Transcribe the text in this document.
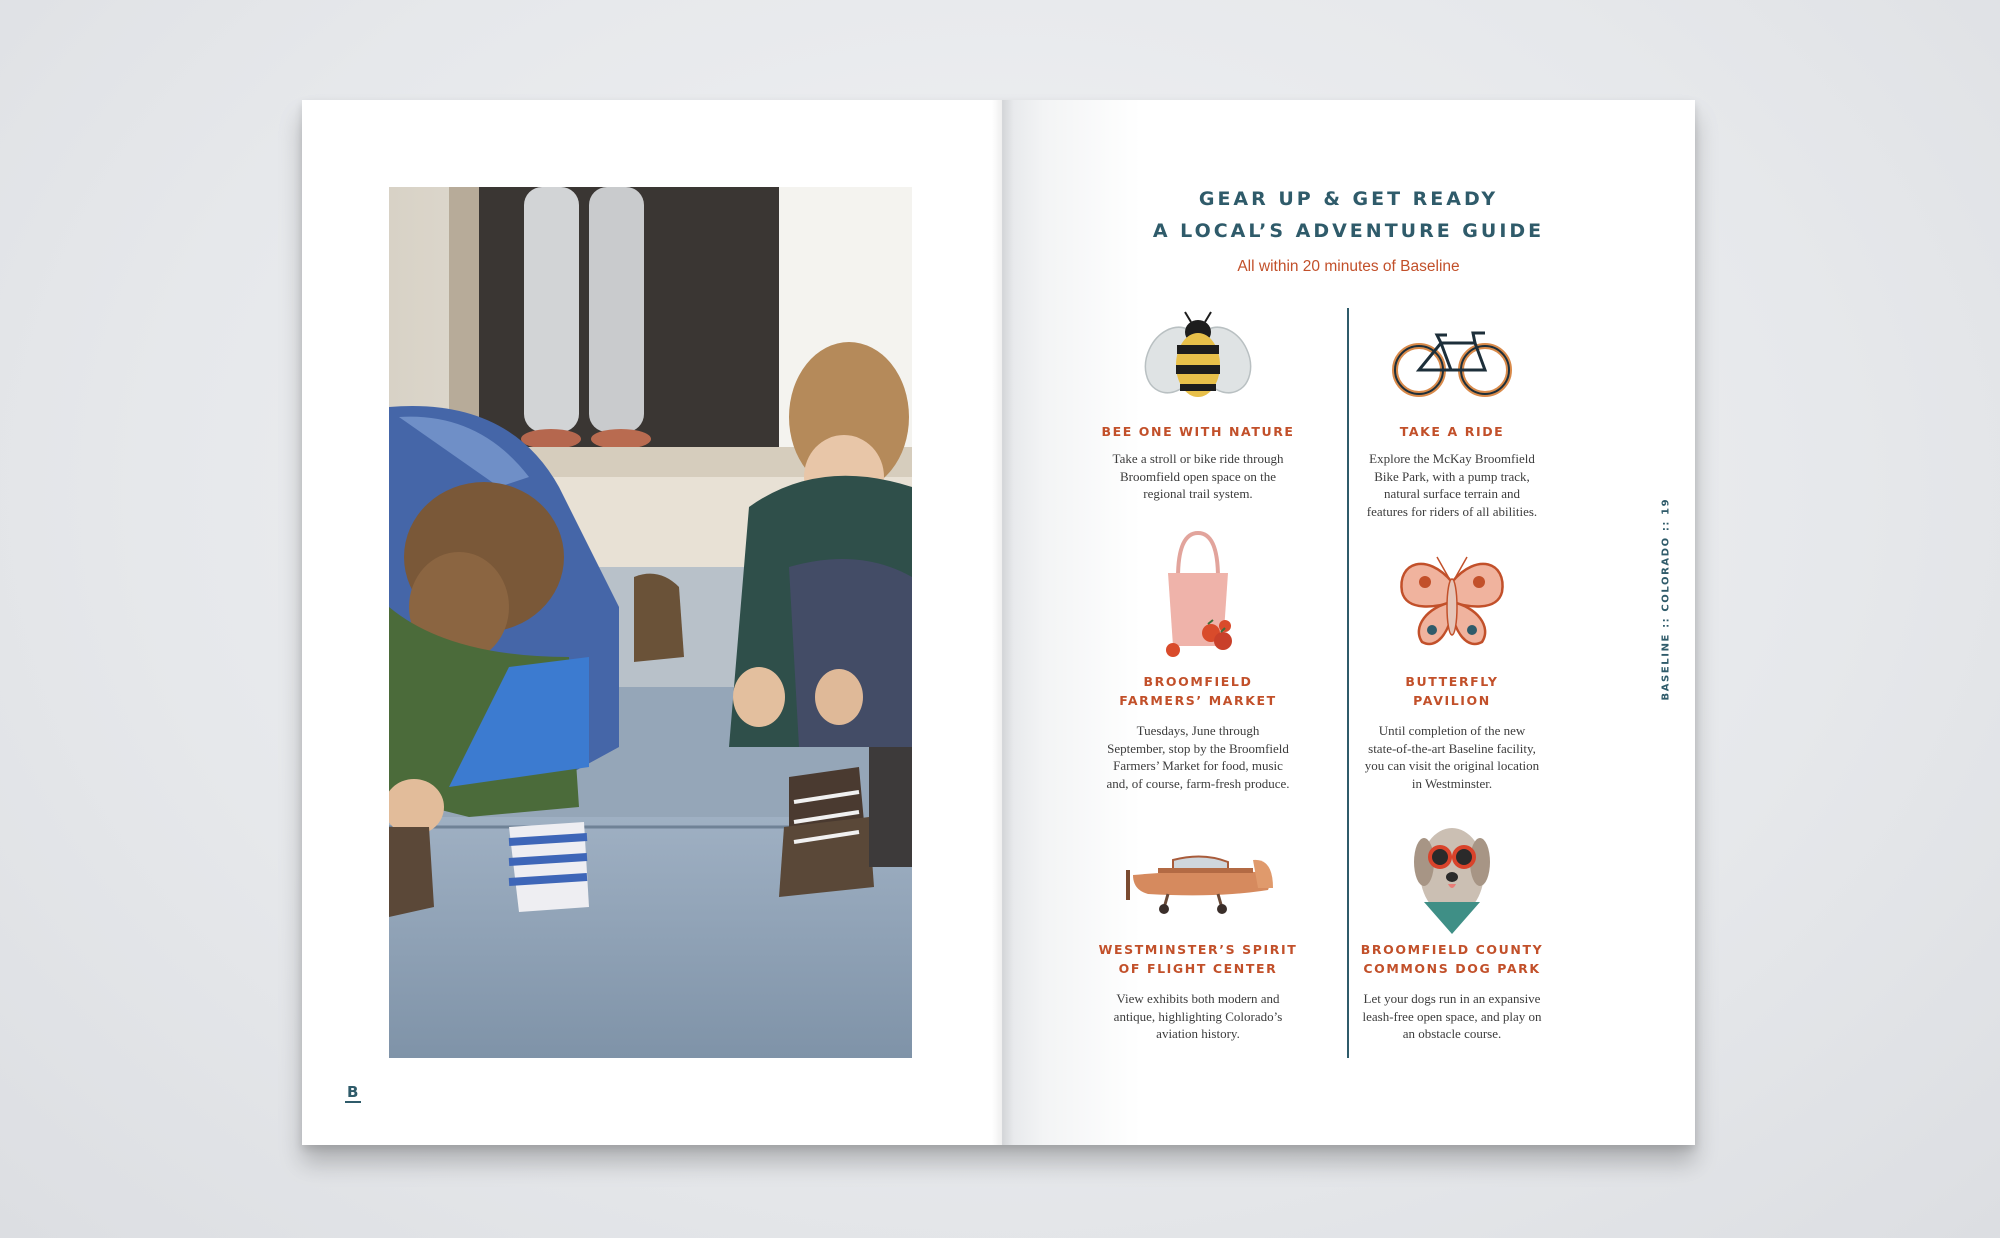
B
GEAR UP & GET READY
A LOCAL’S ADVENTURE GUIDE
All within 20 minutes of Baseline
BEE ONE WITH NATURE
Take a stroll or bike ride through
Broomfield open space on the
regional trail system.
TAKE A RIDE
Explore the McKay Broomfield
Bike Park, with a pump track,
natural surface terrain and
features for riders of all abilities.
BROOMFIELD
FARMERS’ MARKET
Tuesdays, June through
September, stop by the Broomfield
Farmers’ Market for food, music
and, of course, farm-fresh produce.
BUTTERFLY
PAVILION
Until completion of the new
state-of-the-art Baseline facility,
you can visit the original location
in Westminster.
WESTMINSTER’S SPIRIT
OF FLIGHT CENTER
View exhibits both modern and
antique, highlighting Colorado’s
aviation history.
BROOMFIELD COUNTY
COMMONS DOG PARK
Let your dogs run in an expansive
leash-free open space, and play on
an obstacle course.
BASELINE :: COLORADO :: 19
